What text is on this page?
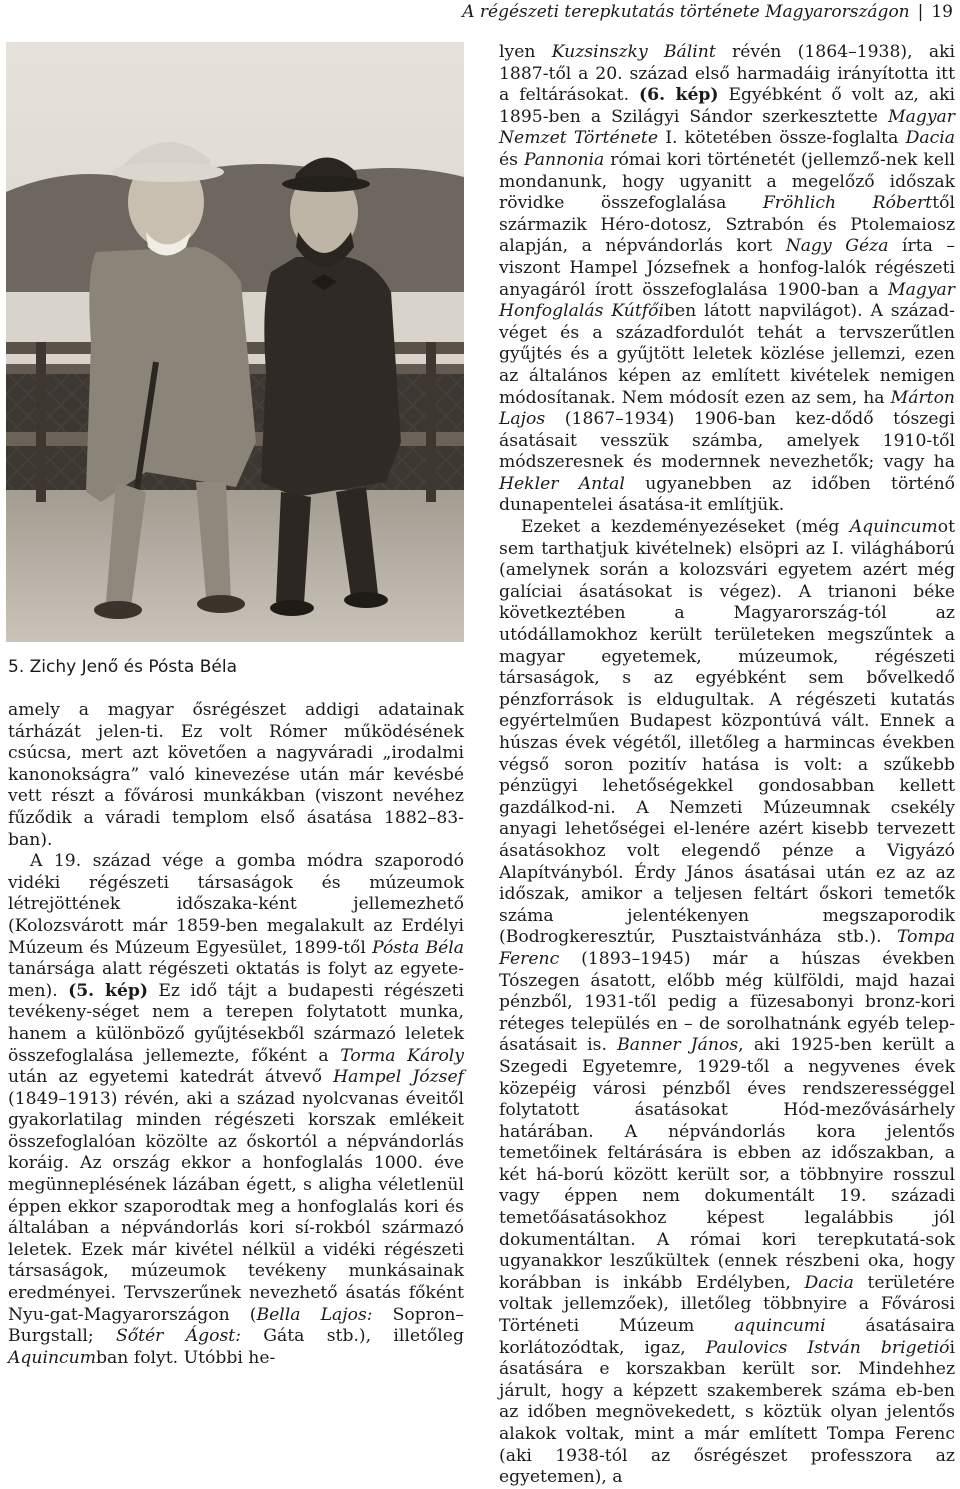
A régészeti terepkutatás története Magyarországon | 19
5. Zichy Jenő és Pósta Béla

amely a magyar ősrégészet addigi adatainak tárházát jelen-ti. Ez volt Rómer működésének csúcsa, mert azt követően a nagyváradi „irodalmi kanonokságra” való kinevezése után már kevésbé vett részt a fővárosi munkákban (viszont nevéhez fűződik a váradi templom első ásatása 1882–83-ban).

A 19. század vége a gomba módra szaporodó vidéki régészeti társaságok és múzeumok létrejöttének időszaka-ként jellemezhető (Kolozsvárott már 1859-ben megalakult az Erdélyi Múzeum és Múzeum Egyesület, 1899-től Pósta Béla tanársága alatt régészeti oktatás is folyt az egyete-men). (5. kép) Ez idő tájt a budapesti régészeti tevékeny-séget nem a terepen folytatott munka, hanem a különböző gyűjtésekből származó leletek összefoglalása jellemezte, főként a Torma Károly után az egyetemi katedrát átvevő Hampel József (1849–1913) révén, aki a század nyolcvanas éveitől gyakorlatilag minden régészeti korszak emlékeit összefoglalóan közölte az őskortól a népvándorlás koráig. Az ország ekkor a honfoglalás 1000. éve megünneplésének lázában égett, s aligha véletlenül éppen ekkor szaporodtak meg a honfoglalás kori és általában a népvándorlás kori sí-rokból származó leletek. Ezek már kivétel nélkül a vidéki régészeti társaságok, múzeumok tevékeny munkásainak eredményei. Tervszerűnek nevezhető ásatás főként Nyu-gat-Magyarországon (Bella Lajos: Sopron–Burgstall; Sőtér Ágost: Gáta stb.), illetőleg Aquincumban folyt. Utóbbi he-

lyen Kuzsinszky Bálint révén (1864–1938), aki 1887-től a 20. század első harmadáig irányította itt a feltárásokat. (6. kép) Egyébként ő volt az, aki 1895-ben a Szilágyi Sándor szerkesztette Magyar Nemzet Története I. kötetében össze-foglalta Dacia és Pannonia római kori történetét (jellemző-nek kell mondanunk, hogy ugyanitt a megelőző időszak rövidke összefoglalása Fröhlich Róberttől származik Héro-dotosz, Sztrabón és Ptolemaiosz alapján, a népvándorlás kort Nagy Géza írta – viszont Hampel Józsefnek a honfog-lalók régészeti anyagáról írott összefoglalása 1900-ban a Magyar Honfoglalás Kútfőiben látott napvilágot). A század-véget és a századfordulót tehát a tervszerűtlen gyűjtés és a gyűjtött leletek közlése jellemzi, ezen az általános képen az említett kivételek nemigen módosítanak. Nem módosít ezen az sem, ha Márton Lajos (1867–1934) 1906-ban kez-dődő tószegi ásatásait vesszük számba, amelyek 1910-től módszeresnek és modernnek nevezhetők; vagy ha Hekler Antal ugyanebben az időben történő dunapentelei ásatása-it említjük.

Ezeket a kezdeményezéseket (még Aquincumot sem tarthatjuk kivételnek) elsöpri az I. világháború (amelynek során a kolozsvári egyetem azért még galíciai ásatásokat is végez). A trianoni béke következtében a Magyarország-tól az utódállamokhoz került területeken megszűntek a magyar egyetemek, múzeumok, régészeti társaságok, s az egyébként sem bővelkedő pénzforrások is eldugultak. A régészeti kutatás egyértelműen Budapest központúvá vált. Ennek a húszas évek végétől, illetőleg a harmincas években végső soron pozitív hatása is volt: a szűkebb pénzügyi lehetőségekkel gondosabban kellett gazdálkod-ni. A Nemzeti Múzeumnak csekély anyagi lehetőségei el-lenére azért kisebb tervezett ásatásokhoz volt elegendő pénze a Vigyázó Alapítványból. Érdy János ásatásai után ez az az időszak, amikor a teljesen feltárt őskori temetők száma jelentékenyen megszaporodik (Bodrogkeresztúr, Pusztaistvánháza stb.). Tompa Ferenc (1893–1945) már a húszas években Tószegen ásatott, előbb még külföldi, majd hazai pénzből, 1931-től pedig a füzesabonyi bronz-kori réteges település en – de sorolhatnánk egyéb telep-ásatásait is. Banner János, aki 1925-ben került a Szegedi Egyetemre, 1929-től a negyvenes évek közepéig városi pénzből éves rendszerességgel folytatott ásatásokat Hód-mezővásárhely határában. A népvándorlás kora jelentős temetőinek feltárására is ebben az időszakban, a két há-ború között került sor, a többnyire rosszul vagy éppen nem dokumentált 19. századi temetőásatásokhoz képest legalábbis jól dokumentáltan. A római kori terepkutatá-sok ugyanakkor leszűkültek (ennek részbeni oka, hogy korábban is inkább Erdélyben, Dacia területére voltak jellemzőek), illetőleg többnyire a Fővárosi Történeti Múzeum aquincumi ásatásaira korlátozódtak, igaz, Paulovics István brigetiói ásatására e korszakban került sor. Mindehhez járult, hogy a képzett szakemberek száma eb-ben az időben megnövekedett, s köztük olyan jelentős alakok voltak, mint a már említett Tompa Ferenc (aki 1938-tól az ősrégészet professzora az egyetemen), a
